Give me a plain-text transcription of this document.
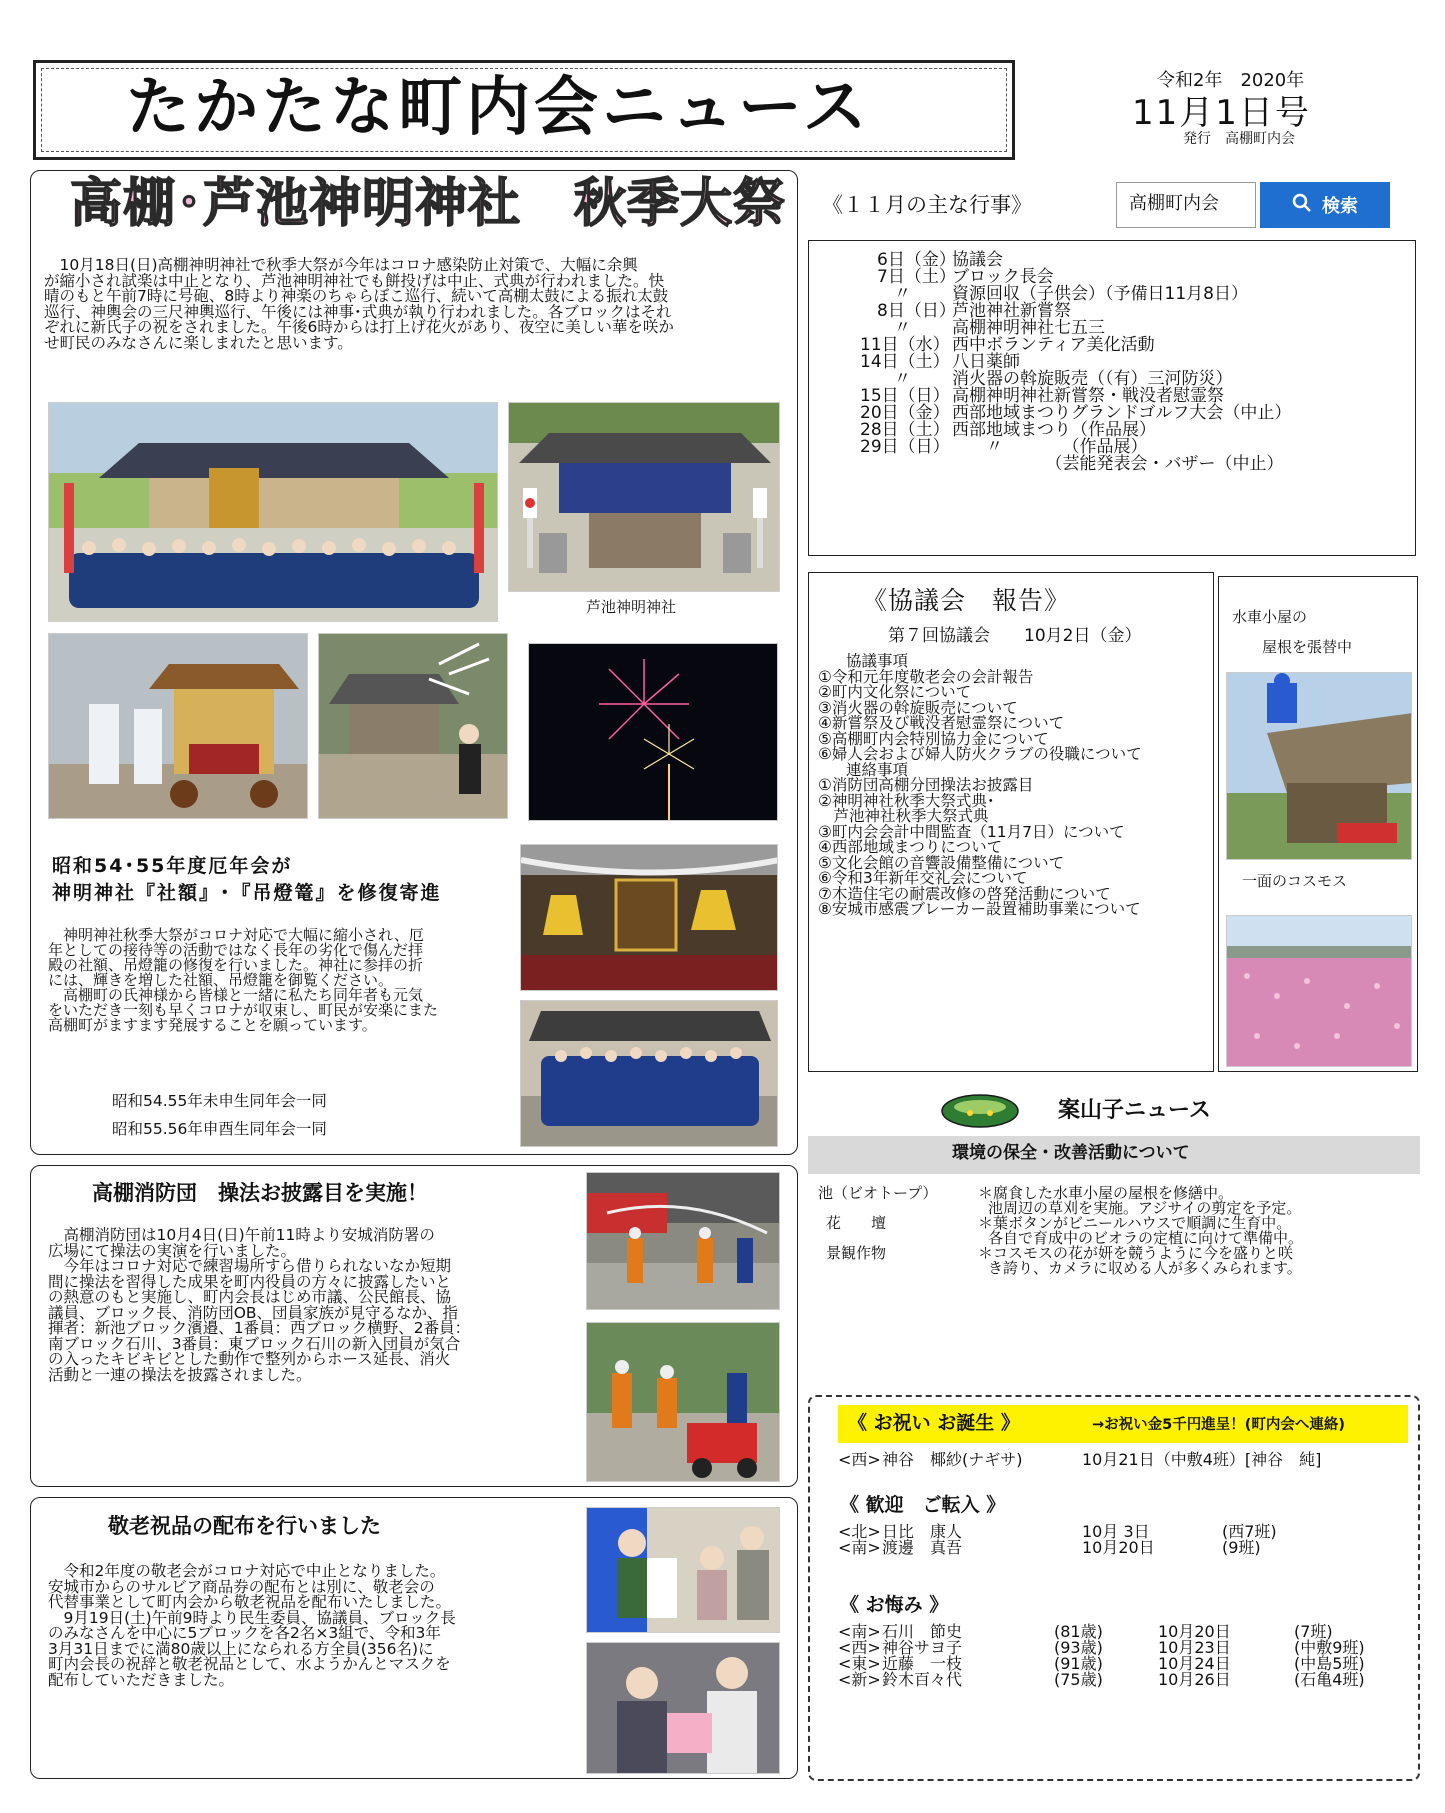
たかたな町内会ニュース	令和2年　2020年
11月1日号
発行　高棚町内会
高棚･芦池神明神社　秋季大祭
　10月18日(日)高棚神明神社で秋季大祭が今年はコロナ感染防止対策で、大幅に余興
が縮小され試楽は中止となり、芦池神明神社でも餅投げは中止、式典が行われました。快
晴のもと午前7時に号砲、8時より神楽のちゃらぼこ巡行、続いて高棚太鼓による振れ太鼓
巡行、神輿会の三尺神輿巡行、午後には神事･式典が執り行われました。各ブロックはそれ
ぞれに新氏子の祝をされました。午後6時からは打上げ花火があり、夜空に美しい華を咲か
せ町民のみなさんに楽しまれたと思います。
芦池神明神社
昭和54･55年度厄年会が
神明神社『社額』･『吊燈篭』を修復寄進
　神明神社秋季大祭がコロナ対応で大幅に縮小され、厄
年としての接待等の活動ではなく長年の劣化で傷んだ拝
殿の社額、吊燈籠の修復を行いました。神社に参拝の折
には、輝きを増した社額、吊燈籠を御覧ください。
　高棚町の氏神様から皆様と一緒に私たち同年者も元気
をいただき一刻も早くコロナが収束し、町民が安楽にまた
高棚町がますます発展することを願っています。
昭和54.55年未申生同年会一同
昭和55.56年申酉生同年会一同
高棚消防団　操法お披露目を実施！
　高棚消防団は10月4日(日)午前11時より安城消防署の
広場にて操法の実演を行いました。
　今年はコロナ対応で練習場所すら借りられないなか短期
間に操法を習得した成果を町内役員の方々に披露したいと
の熱意のもと実施し、町内会長はじめ市議、公民館長、協
議員、ブロック長、消防団OB、団員家族が見守るなか、指
揮者：新池ブロック濱邉、1番員：西ブロック横野、2番員：
南ブロック石川、3番員：東ブロック石川の新入団員が気合
の入ったキビキビとした動作で整列からホース延長、消火
活動と一連の操法を披露されました。
敬老祝品の配布を行いました
　令和2年度の敬老会がコロナ対応で中止となりました。
安城市からのサルビア商品券の配布とは別に、敬老会の
代替事業として町内会から敬老祝品を配布いたしました。
　9月19日(土)午前9時より民生委員、協議員、ブロック長
のみなさんを中心に5ブロックを各2名×3組で、令和3年
3月31日までに満80歳以上になられる方全員(356名)に
町内会長の祝辞と敬老祝品として、水ようかんとマスクを
配布していただきました。
高棚町内会	検索
《１１月の主な行事》
　6日（金）協議会
　7日（土）ブロック長会
　　〃 資源回収（子供会）（予備日11月8日）
　8日（日）芦池神社新嘗祭
　　〃 高棚神明神社七五三
11日（水） 西中ボランティア美化活動
14日（土） 八日薬師
　　〃 消火器の斡旋販売（（有）三河防災）
15日（日） 高棚神明神社新嘗祭・戦没者慰霊祭
20日（金） 西部地域まつりグランドゴルフ大会（中止）
28日（土） 西部地域まつり（作品展）
29日（日）　　〃　　　　（作品展）
　　　　　　（芸能発表会・バザー（中止）
《協議会　報告》
第７回協議会　　10月2日（金）
協議事項
①令和元年度敬老会の会計報告
②町内文化祭について
③消火器の斡旋販売について
④新嘗祭及び戦没者慰霊祭について
⑤高棚町内会特別協力金について
⑥婦人会および婦人防火クラブの役職について
連絡事項
①消防団高棚分団操法お披露目
②神明神社秋季大祭式典･
　芦池神社秋季大祭式典
③町内会会計中間監査（11月7日）について
④西部地域まつりについて
⑤文化会館の音響設備整備について
⑥令和3年新年交礼会について
⑦木造住宅の耐震改修の啓発活動について
⑧安城市感震ブレーカー設置補助事業について
水車小屋の
屋根を張替中
一面のコスモス
案山子ニュース
環境の保全・改善活動について
池（ビオトープ）	＊腐食した水車小屋の屋根を修繕中。
池周辺の草刈を実施。アジサイの剪定を予定。
花　　壇	＊葉ボタンがビニールハウスで順調に生育中。
各自で育成中のビオラの定植に向けて準備中。
景観作物	＊コスモスの花が妍を競うように今を盛りと咲
き誇り、カメラに収める人が多くみられます。
《 お祝い お誕生 》	→お祝い金5千円進呈！(町内会へ連絡)
<西>神谷　椰紗(ナギサ)	10月21日（中敷4班）[神谷　純]
《 歓迎　ご転入 》
<北>日比　康人	10月 3日	(西7班)
<南>渡邊　真吾	10月20日	(9班)
《 お悔み 》
<南>石川　節史	(81歳)	10月20日	(7班)
<西>神谷サヨ子	(93歳)	10月23日	(中敷9班)
<東>近藤　一枝	(91歳)	10月24日	(中島5班)
<新>鈴木百々代	(75歳)	10月26日	(石亀4班)
